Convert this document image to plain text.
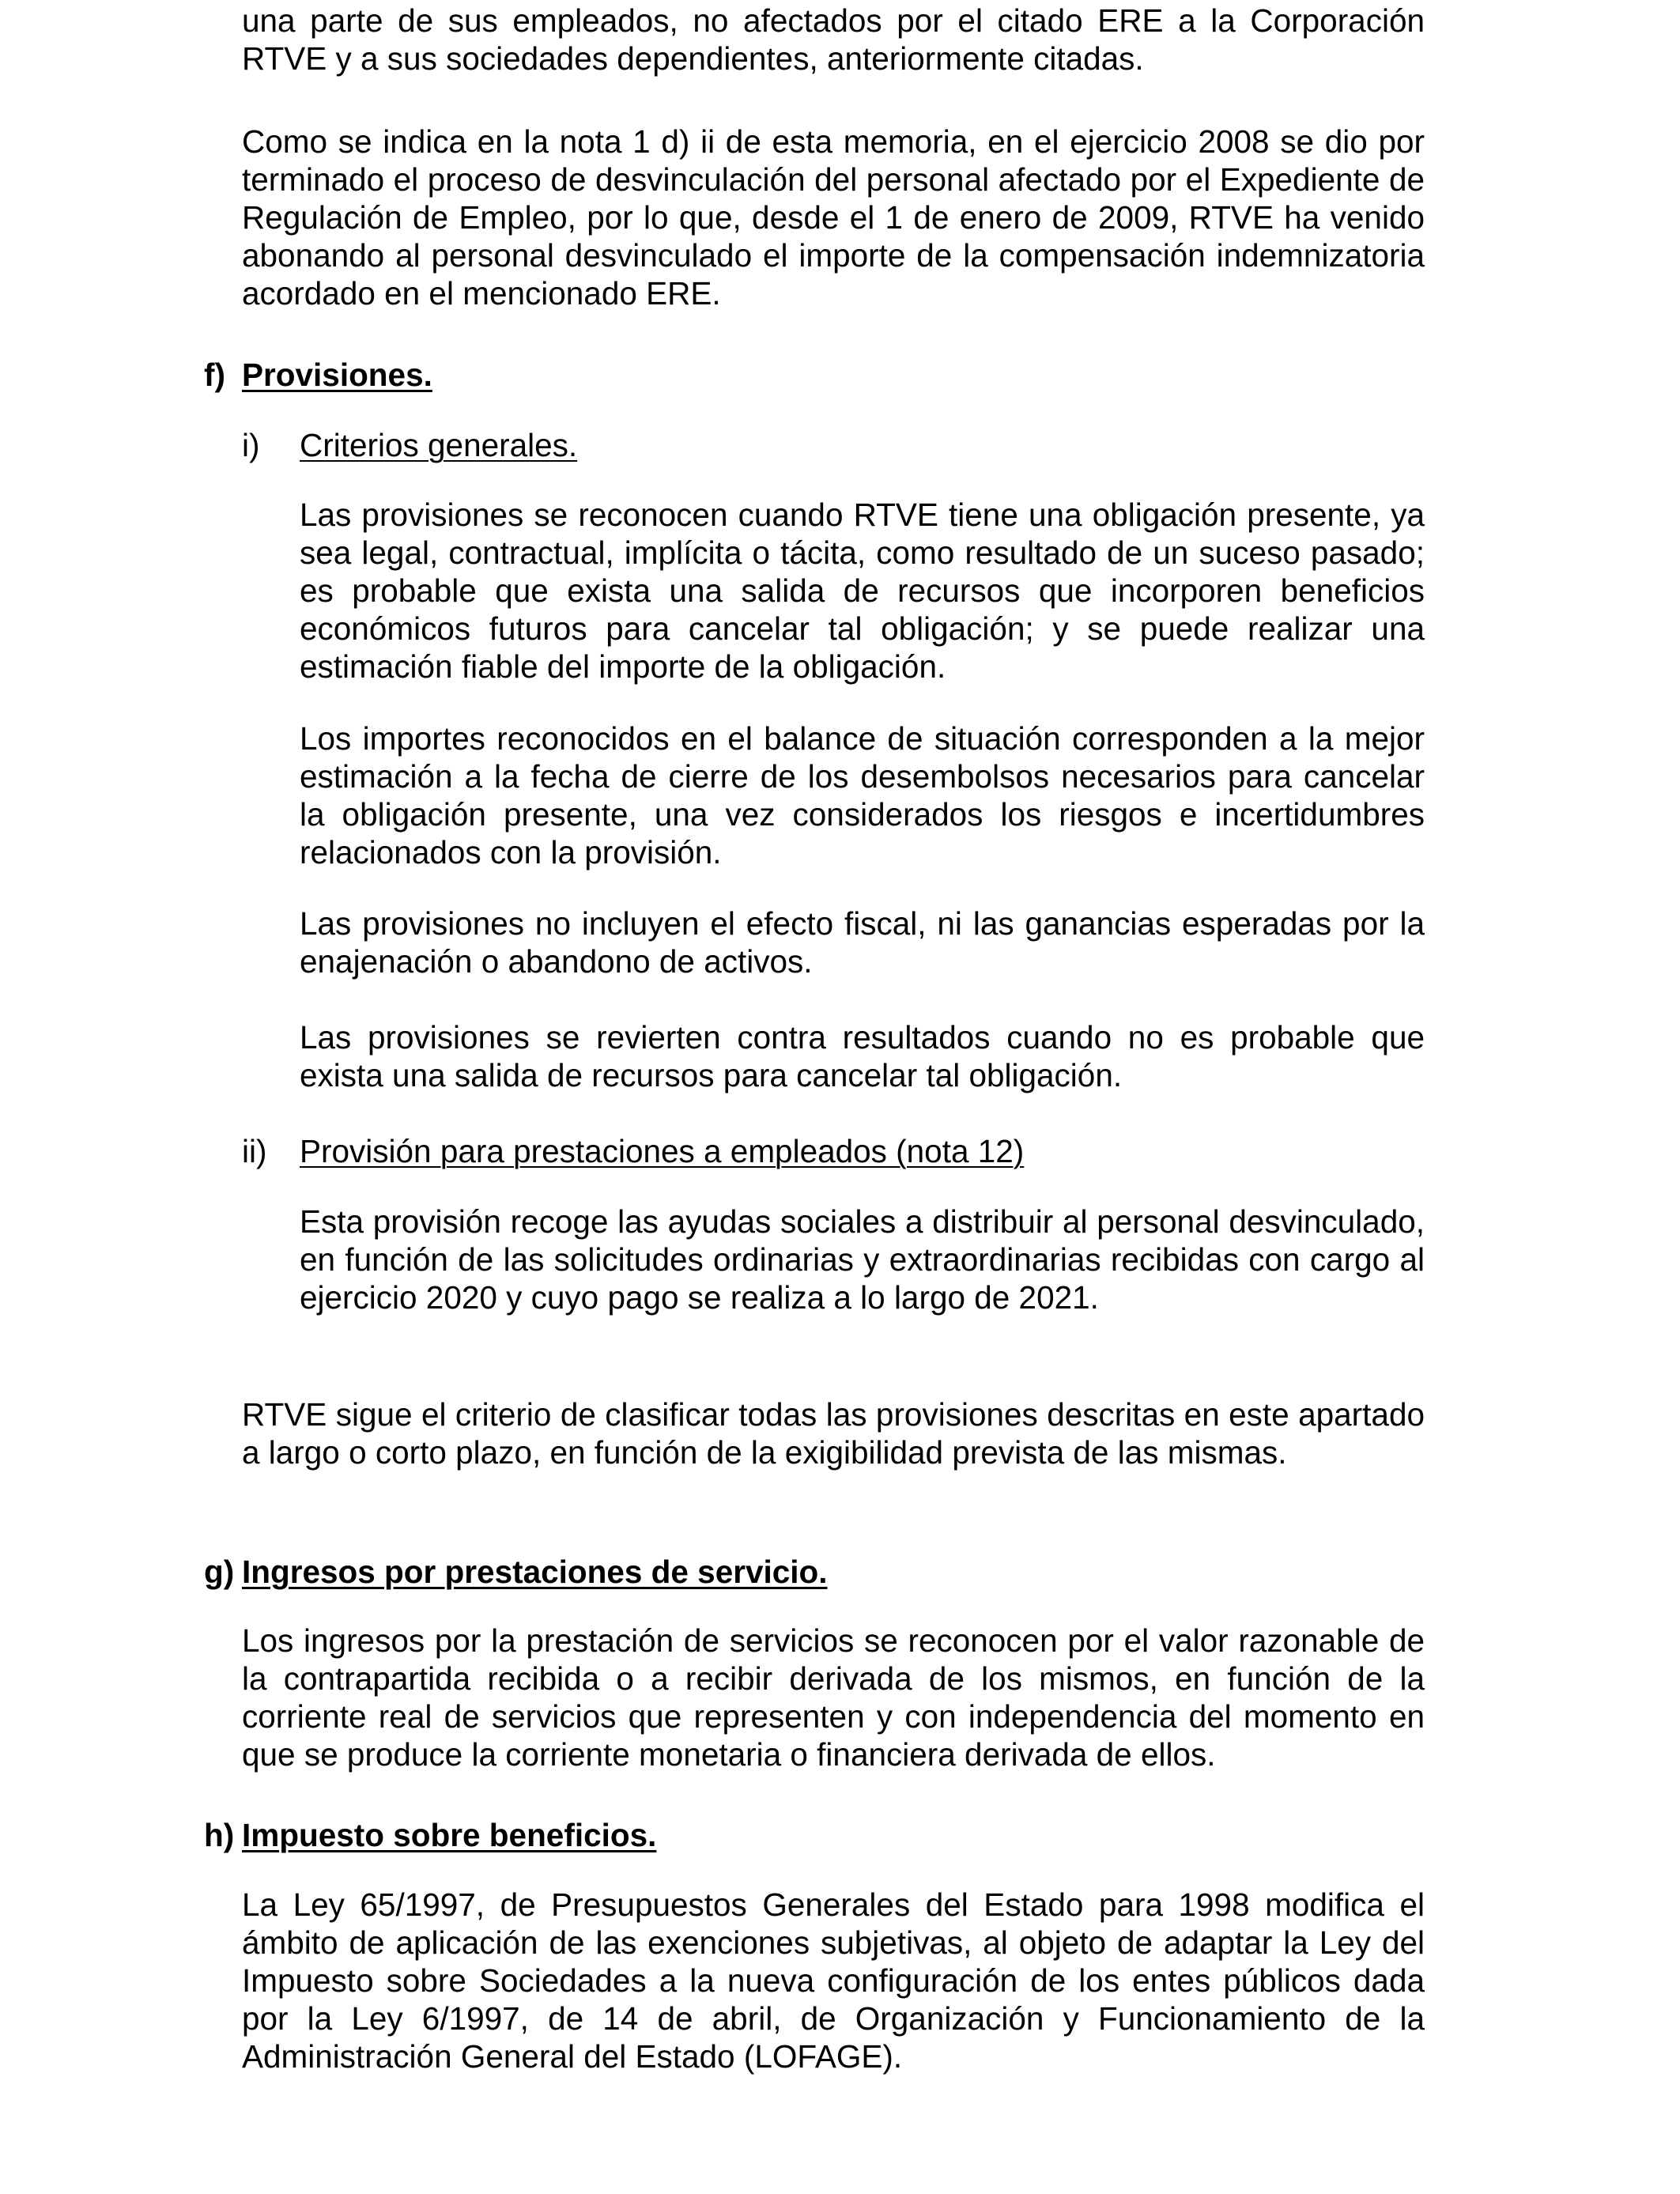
una parte de sus empleados, no afectados por el citado ERE a la Corporación RTVE y a sus sociedades dependientes, anteriormente citadas.

Como se indica en la nota 1 d) ii de esta memoria, en el ejercicio 2008 se dio por terminado el proceso de desvinculación del personal afectado por el Expediente de Regulación de Empleo, por lo que, desde el 1 de enero de 2009, RTVE ha venido abonando al personal desvinculado el importe de la compensación indemnizatoria acordado en el mencionado ERE.

f) Provisiones.
i) Criterios generales.

Las provisiones se reconocen cuando RTVE tiene una obligación presente, ya sea legal, contractual, implícita o tácita, como resultado de un suceso pasado; es probable que exista una salida de recursos que incorporen beneficios económicos futuros para cancelar tal obligación; y se puede realizar una estimación fiable del importe de la obligación.

Los importes reconocidos en el balance de situación corresponden a la mejor estimación a la fecha de cierre de los desembolsos necesarios para cancelar la obligación presente, una vez considerados los riesgos e incertidumbres relacionados con la provisión.

Las provisiones no incluyen el efecto fiscal, ni las ganancias esperadas por la enajenación o abandono de activos.

Las provisiones se revierten contra resultados cuando no es probable que exista una salida de recursos para cancelar tal obligación.

ii) Provisión para prestaciones a empleados (nota 12)

Esta provisión recoge las ayudas sociales a distribuir al personal desvinculado, en función de las solicitudes ordinarias y extraordinarias recibidas con cargo al ejercicio 2020 y cuyo pago se realiza a lo largo de 2021.

RTVE sigue el criterio de clasificar todas las provisiones descritas en este apartado a largo o corto plazo, en función de la exigibilidad prevista de las mismas.

g) Ingresos por prestaciones de servicio.

Los ingresos por la prestación de servicios se reconocen por el valor razonable de la contrapartida recibida o a recibir derivada de los mismos, en función de la corriente real de servicios que representen y con independencia del momento en que se produce la corriente monetaria o financiera derivada de ellos.

h) Impuesto sobre beneficios.

La Ley 65/1997, de Presupuestos Generales del Estado para 1998 modifica el ámbito de aplicación de las exenciones subjetivas, al objeto de adaptar la Ley del Impuesto sobre Sociedades a la nueva configuración de los entes públicos dada por la Ley 6/1997, de 14 de abril, de Organización y Funcionamiento de la Administración General del Estado (LOFAGE).
